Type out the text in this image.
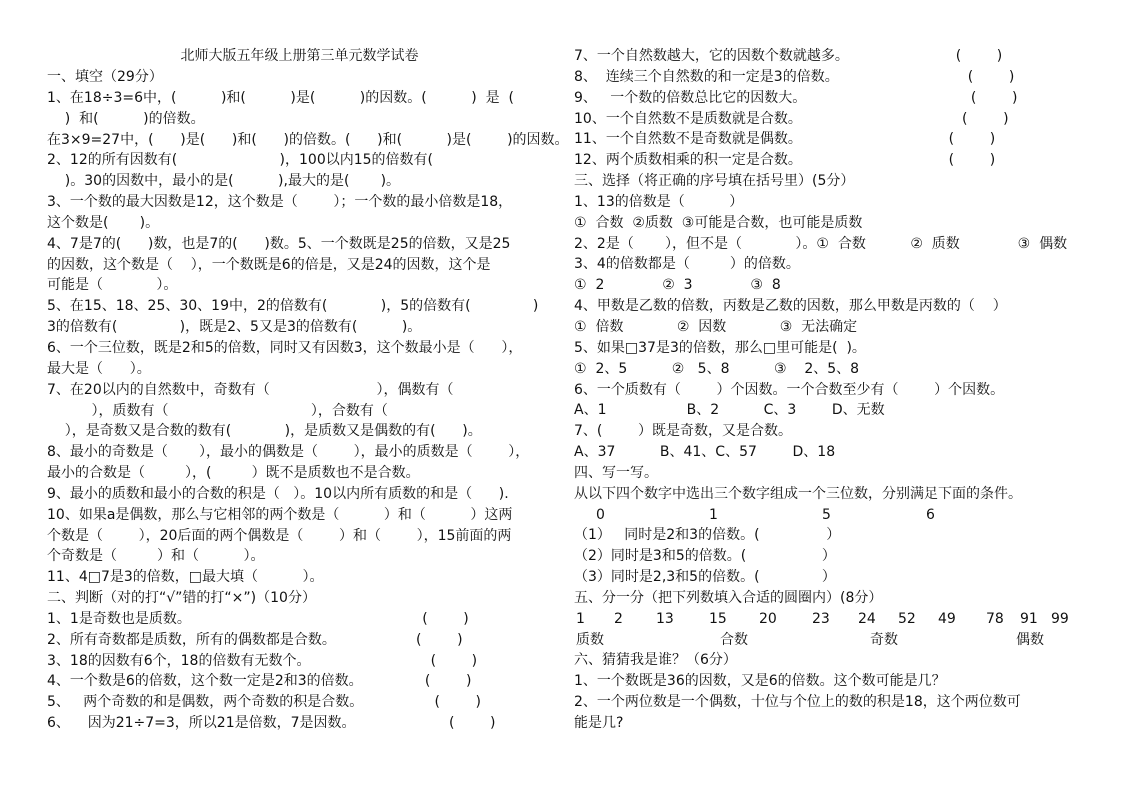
北师大版五年级上册第三单元数学试卷
一、填空（29分）
1、在18÷3=6中，(          )和(          )是(          )的因数。(          )  是  (
)  和(          )的倍数。
在3×9=27中，(      )是(      )和(      )的倍数。(      )和(          )是(        )的因数。
2、12的所有因数有(                       )，100以内15的倍数有(
)。30的因数中，最小的是(          ),最大的是(       )。
3、一个数的最大因数是12，这个数是（        ）；一个数的最小倍数是18，
这个数是(       )。
4、7是7的(      )数，也是7的(      )数。5、一个数既是25的倍数，又是25
的因数，这个数是（    ），一个数既是6的倍是，又是24的因数，这个是
可能是（            ）。
5、在15、18、25、30、19中，2的倍数有(            )，5的倍数有(              )
3的倍数有(              )，既是2、5又是3的倍数有(          )。
6、一个三位数，既是2和5的倍数，同时又有因数3，这个数最小是（      ），
最大是（      ）。
7、在20以内的自然数中，奇数有（                        ），偶数有（
），质数有（                                ），合数有（
），是奇数又是合数的数有(            )，是质数又是偶数的有(      )。
8、最小的奇数是（       ），最小的偶数是（        ），最小的质数是（        ），
最小的合数是（         ），(         ）既不是质数也不是合数。
9、最小的质数和最小的合数的积是（   ）。10以内所有质数的和是（      ).
10、如果a是偶数，那么与它相邻的两个数是（          ）和（          ）这两
个数是（        ），20后面的两个偶数是（        ）和（        ），15前面的两
个奇数是（         ）和（          ）。
11、4□7是3的倍数，□最大填（          ）。
二、判断（对的打“√”错的打“×”)（10分）
1、1是奇数也是质数。                                                    (        )
2、所有奇数都是质数，所有的偶数都是合数。                  (        )
3、18的因数有6个，18的倍数有无数个。                           (        )
4、一个数是6的倍数，这个数一定是2和3的倍数。              (        )
5、   两个奇数的和是偶数，两个奇数的积是合数。                (        )
6、    因为21÷7=3，所以21是倍数，7是因数。                     (        )
7、一个自然数越大，它的因数个数就越多。                        (        )
8、  连续三个自然数的和一定是3的倍数。                             (        )
9、   一个数的倍数总比它的因数大。                                     (        )
10、一个自然数不是质数就是合数。                                    (        )
11、一个自然数不是奇数就是偶数。                                 (        )
12、两个质数相乘的积一定是合数。                                 (        )
三、选择（将正确的序号填在括号里）(5分）
1、13的倍数是（          ）
①  合数  ②质数  ③可能是合数，也可能是质数
2、2是（       ），但不是（            ）。①  合数          ②  质数             ③  偶数
3、4的倍数都是（         ）的倍数。
①  2             ②  3             ③  8
4、甲数是乙数的倍数，丙数是乙数的因数，那么甲数是丙数的（    ）
①  倍数            ②  因数            ③  无法确定
5、如果□37是3的倍数，那么□里可能是(  )。
①  2、5          ②   5、8          ③    2、5、8
6、一个质数有（        ）个因数。一个合数至少有（        ）个因数。
A、1                  B、2          C、3        D、无数
7、(        ）既是奇数，又是合数。
A、37          B、41、C、57        D、18
四、写一写。
从以下四个数字中选出三个数字组成一个三位数，分别满足下面的条件。
0	1	5	6
（1）   同时是2和3的倍数。(               ）
（2）同时是3和5的倍数。(                 ）
（3）同时是2,3和5的倍数。(              ）
五、分一分（把下列数填入合适的圆圈内）(8分）
1 2 13	15 20	23 24 52 49 78 91 99
质数	合数	奇数	偶数
六、猜猜我是谁？（6分）
1、一个数既是36的因数，又是6的倍数。这个数可能是几？
2、一个两位数是一个偶数，十位与个位上的数的积是18，这个两位数可
能是几?
